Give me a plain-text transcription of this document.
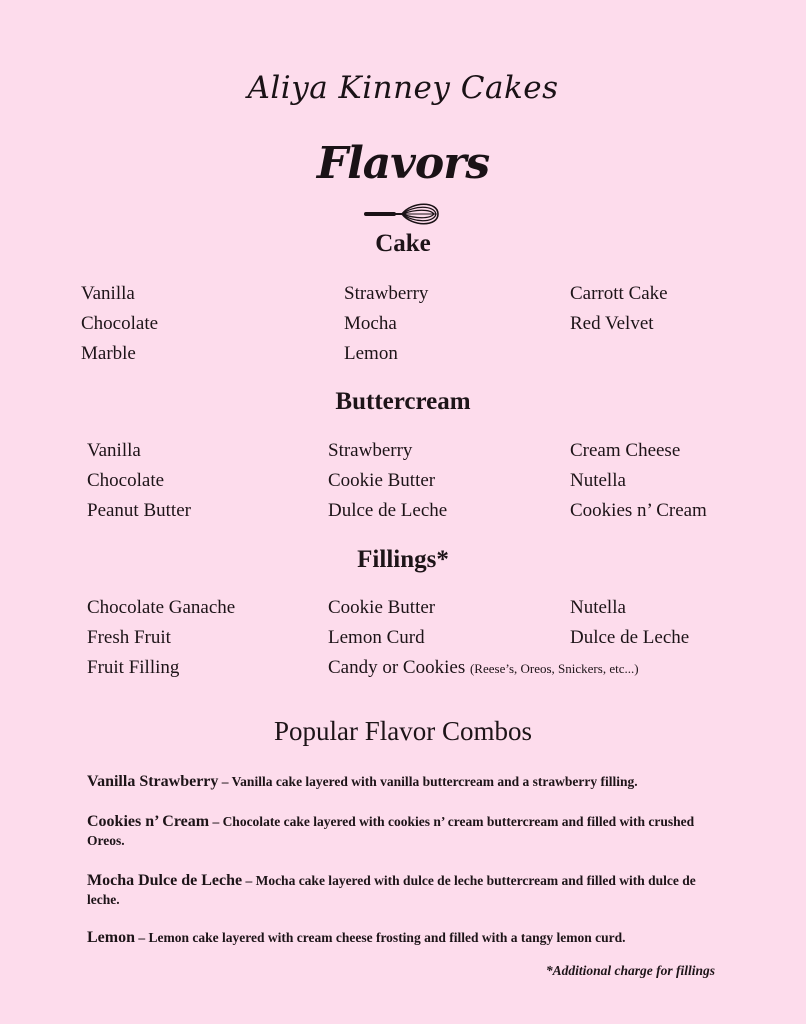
Aliya Kinney Cakes
Flavors
Cake
Vanilla
Chocolate
Marble
Strawberry
Mocha
Lemon
Carrott Cake
Red Velvet
Buttercream
Vanilla
Chocolate
Peanut Butter
Strawberry
Cookie Butter
Dulce de Leche
Cream Cheese
Nutella
Cookies n’ Cream
Fillings*
Chocolate Ganache
Fresh Fruit
Fruit Filling
Cookie Butter
Lemon Curd
Candy or Cookies (Reese’s, Oreos, Snickers, etc...)
Nutella
Dulce de Leche
Popular Flavor Combos
Vanilla Strawberry – Vanilla cake layered with vanilla buttercream and a strawberry filling.
Cookies n’ Cream – Chocolate cake layered with cookies n’ cream buttercream and filled with crushed Oreos.
Mocha Dulce de Leche – Mocha cake layered with dulce de leche buttercream and filled with dulce de leche.
Lemon – Lemon cake layered with cream cheese frosting and filled with a tangy lemon curd.
*Additional charge for fillings
